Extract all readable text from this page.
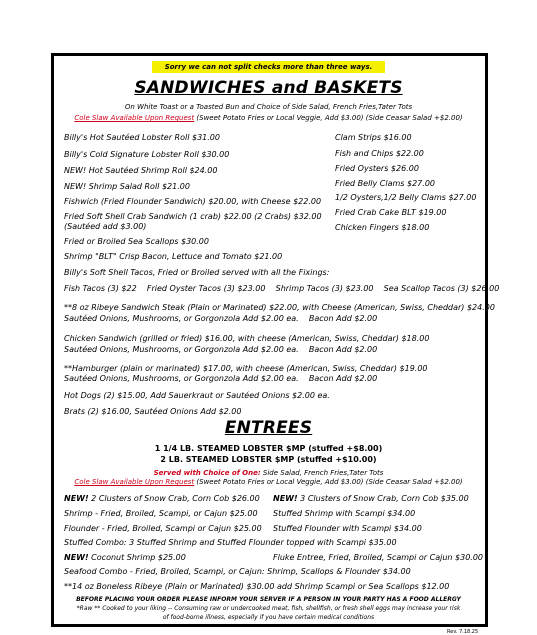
Sorry we can not split checks more than three ways.
SANDWICHES and BASKETS
On White Toast or a Toasted Bun and Choice of Side Salad, French Fries,Tater Tots
Cole Slaw Available Upon Request (Sweet Potato Fries or Local Veggie, Add $3.00) (Side Ceasar Salad +$2.00)
Billy's Hot Sautéed Lobster Roll $31.00
Billy's Cold Signature Lobster Roll $30.00
NEW! Hot Sautéed Shrimp Roll $24.00
NEW! Shrimp Salad Roll $21.00
Fishwich (Fried Flounder Sandwich) $20.00, with Cheese $22.00
Fried Soft Shell Crab Sandwich (1 crab) $22.00 (2 Crabs) $32.00
(Sautéed add $3.00)
Clam Strips $16.00
Fish and Chips $22.00
Fried Oysters $26.00
Fried Belly Clams $27.00
1/2 Oysters,1/2 Belly Clams $27.00
Fried Crab Cake BLT $19.00
Chicken Fingers $18.00
Fried or Broiled Sea Scallops $30.00
Shrimp "BLT" Crisp Bacon, Lettuce and Tomato $21.00
Billy's Soft Shell Tacos, Fried or Broiled served with all the Fixings:
Fish Tacos (3) $22    Fried Oyster Tacos (3) $23.00    Shrimp Tacos (3) $23.00    Sea Scallop Tacos (3) $26.00
**8 oz Ribeye Sandwich Steak (Plain or Marinated) $22.00, with Cheese (American, Swiss, Cheddar) $24.00
Sautéed Onions, Mushrooms, or Gorgonzola Add $2.00 ea.    Bacon Add $2.00
Chicken Sandwich (grilled or fried) $16.00, with cheese (American, Swiss, Cheddar) $18.00
Sautéed Onions, Mushrooms, or Gorgonzola Add $2.00 ea.    Bacon Add $2.00
**Hamburger (plain or marinated) $17.00, with cheese (American, Swiss, Cheddar) $19.00
Sautéed Onions, Mushrooms, or Gorgonzola Add $2.00 ea.    Bacon Add $2.00
Hot Dogs (2) $15.00, Add Sauerkraut or Sautéed Onions $2.00 ea.
Brats (2) $16.00, Sautéed Onions Add $2.00
ENTREES
1 1/4 LB. STEAMED LOBSTER $MP (stuffed +$8.00)
2 LB. STEAMED LOBSTER $MP (stuffed +$10.00)
Served with Choice of One: Side Salad, French Fries,Tater Tots
Cole Slaw Available Upon Request (Sweet Potato Fries or Local Veggie, Add $3.00) (Side Ceasar Salad +$2.00)
NEW! 2 Clusters of Snow Crab, Corn Cob $26.00 NEW! 3 Clusters of Snow Crab, Corn Cob $35.00
Shrimp - Fried, Broiled, Scampi, or Cajun $25.00 Stuffed Shrimp with Scampi $34.00
Flounder - Fried, Broiled, Scampi or Cajun $25.00 Stuffed Flounder with Scampi $34.00
Stuffed Combo: 3 Stuffed Shrimp and Stuffed Flounder topped with Scampi $35.00
NEW! Coconut Shrimp $25.00	Fluke Entree, Fried, Broiled, Scampi or Cajun $30.00
Seafood Combo - Fried, Broiled, Scampi, or Cajun: Shrimp, Scallops & Flounder $34.00
**14 oz Boneless Ribeye (Plain or Marinated) $30.00 add Shrimp Scampi or Sea Scallops $12.00
BEFORE PLACING YOUR ORDER PLEASE INFORM YOUR SERVER IF A PERSON IN YOUR PARTY HAS A FOOD ALLERGY
*Raw ** Cooked to your liking -- Consuming raw or undercooked meat, fish, shellfish, or fresh shell eggs may increase your risk
of food-borne illness, especially if you have certain medical conditions
Rev. 7.18.25
